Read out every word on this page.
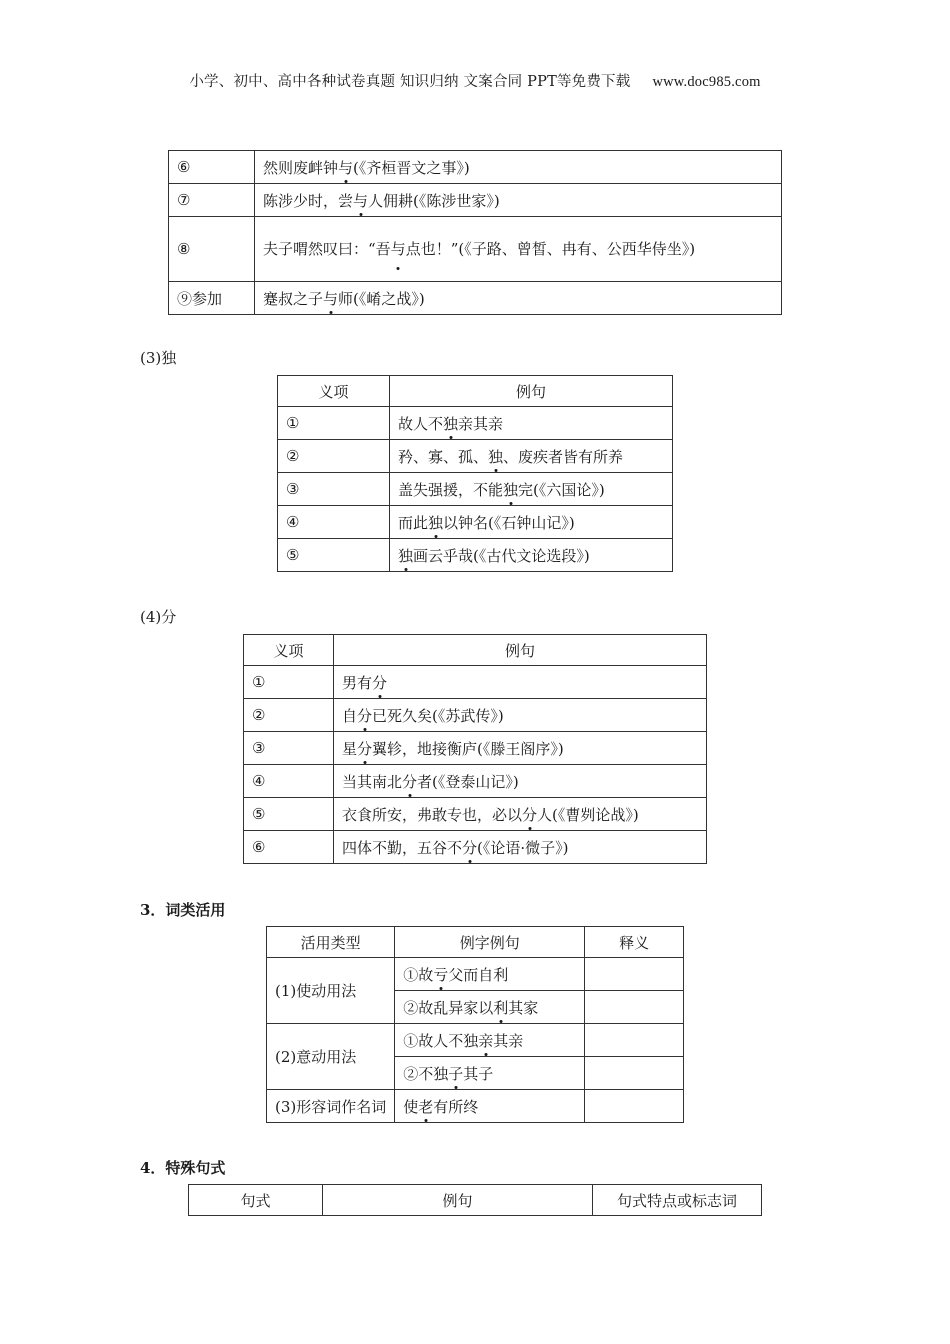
小学、初中、高中各种试卷真题 知识归纳 文案合同 PPT等免费下载 www.doc985.com
⑥	然则废衅钟与(《齐桓晋文之事》)
⑦	陈涉少时，尝与人佣耕(《陈涉世家》)
⑧	夫子喟然叹曰：“吾与点也！”(《子路、曾皙、冉有、公西华侍坐》)
⑨参加	蹇叔之子与师(《崤之战》)
(3)独
义项	例句
①	故人不独亲其亲
②	矜、寡、孤、独、废疾者皆有所养
③	盖失强援，不能独完(《六国论》)
④	而此独以钟名(《石钟山记》)
⑤	独画云乎哉(《古代文论选段》)
(4)分
义项	例句
①	男有分
②	自分已死久矣(《苏武传》)
③	星分翼轸，地接衡庐(《滕王阁序》)
④	当其南北分者(《登泰山记》)
⑤	衣食所安，弗敢专也，必以分人(《曹刿论战》)
⑥	四体不勤，五谷不分(《论语·微子》)
3．词类活用
活用类型	例字例句	释义
(1)使动用法	①故亏父而自利	
	②故乱异家以利其家	
(2)意动用法	①故人不独亲其亲	
	②不独子其子	
(3)形容词作名词	使老有所终	
4．特殊句式
句式	例句	句式特点或标志词
